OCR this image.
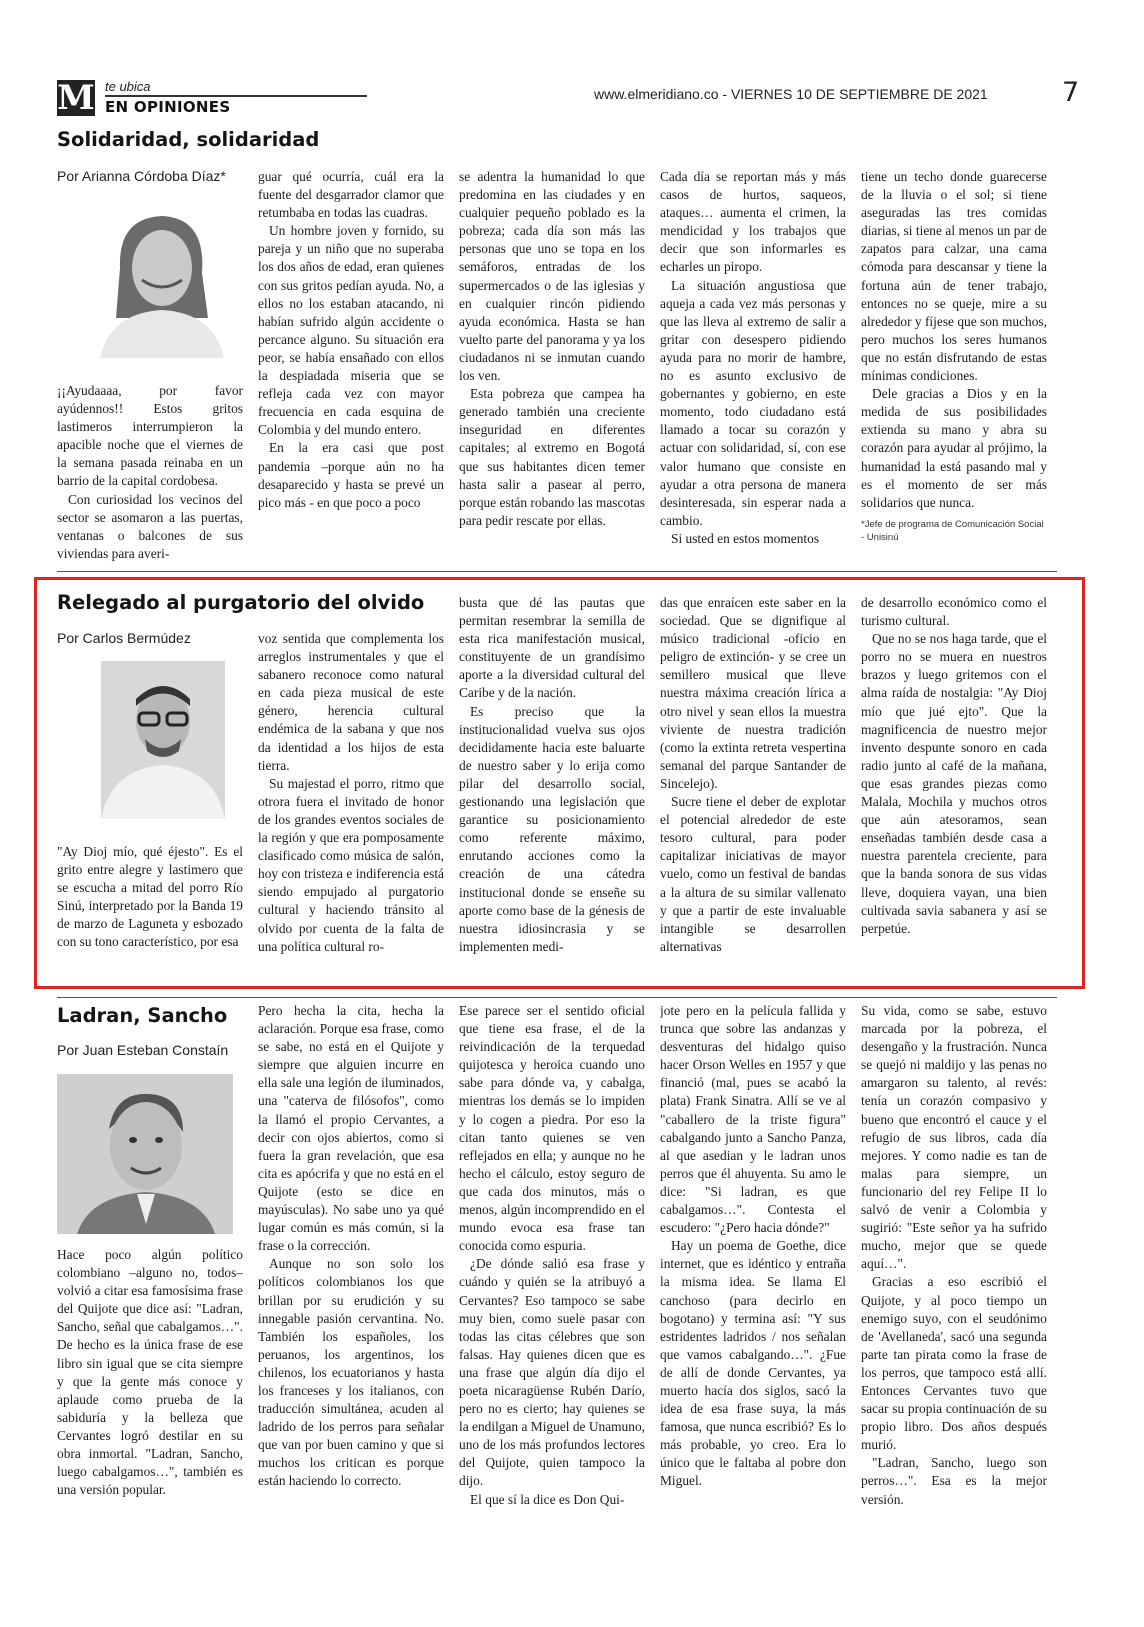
M te ubica
EN OPINIONES
www.elmeridiano.co - VIERNES 10 DE SEPTIEMBRE DE 2021	7
Solidaridad, solidaridad
Por Arianna Córdoba Díaz*

¡¡Ayudaaaa, por favor ayúdennos!! Estos gritos lastimeros interrumpieron la apacible noche que el viernes de la semana pasada reinaba en un barrio de la capital cordobesa.

Con curiosidad los vecinos del sector se asomaron a las puertas, ventanas o balcones de sus viviendas para averi-

guar qué ocurría, cuál era la fuente del desgarrador clamor que retumbaba en todas las cuadras.

Un hombre joven y fornido, su pareja y un niño que no superaba los dos años de edad, eran quienes con sus gritos pedían ayuda. No, a ellos no los estaban atacando, ni habían sufrido algún accidente o percance alguno. Su situación era peor, se había ensañado con ellos la despiadada miseria que se refleja cada vez con mayor frecuencia en cada esquina de Colombia y del mundo entero.

En la era casi que post pandemia –porque aún no ha desaparecido y hasta se prevé un pico más - en que poco a poco

se adentra la humanidad lo que predomina en las ciudades y en cualquier pequeño poblado es la pobreza; cada día son más las personas que uno se topa en los semáforos, entradas de los supermercados o de las iglesias y en cualquier rincón pidiendo ayuda económica. Hasta se han vuelto parte del panorama y ya los ciudadanos ni se inmutan cuando los ven.

Esta pobreza que campea ha generado también una creciente inseguridad en diferentes capitales; al extremo en Bogotá que sus habitantes dicen temer hasta salir a pasear al perro, porque están robando las mascotas para pedir rescate por ellas.

Cada día se reportan más y más casos de hurtos, saqueos, ataques… aumenta el crimen, la mendicidad y los trabajos que decir que son informarles es echarles un piropo.

La situación angustiosa que aqueja a cada vez más personas y que las lleva al extremo de salir a gritar con desespero pidiendo ayuda para no morir de hambre, no es asunto exclusivo de gobernantes y gobierno, en este momento, todo ciudadano está llamado a tocar su corazón y actuar con solidaridad, sí, con ese valor humano que consiste en ayudar a otra persona de manera desinteresada, sin esperar nada a cambio.

Si usted en estos momentos

tiene un techo donde guarecerse de la lluvia o el sol; si tiene aseguradas las tres comidas diarias, si tiene al menos un par de zapatos para calzar, una cama cómoda para descansar y tiene la fortuna aún de tener trabajo, entonces no se queje, mire a su alrededor y fíjese que son muchos, pero muchos los seres humanos que no están disfrutando de estas mínimas condiciones.

Dele gracias a Dios y en la medida de sus posibilidades extienda su mano y abra su corazón para ayudar al prójimo, la humanidad la está pasando mal y es el momento de ser más solidarios que nunca.

*Jefe de programa de Comunicación Social - Unisinú
Relegado al purgatorio del olvido
Por Carlos Bermúdez

"Ay Dioj mío, qué éjesto". Es el grito entre alegre y lastimero que se escucha a mitad del porro Río Sinú, interpretado por la Banda 19 de marzo de Laguneta y esbozado con su tono característico, por esa

voz sentida que complementa los arreglos instrumentales y que el sabanero reconoce como natural en cada pieza musical de este género, herencia cultural endémica de la sabana y que nos da identidad a los hijos de esta tierra.

Su majestad el porro, ritmo que otrora fuera el invitado de honor de los grandes eventos sociales de la región y que era pomposamente clasificado como música de salón, hoy con tristeza e indiferencia está siendo empujado al purgatorio cultural y haciendo tránsito al olvido por cuenta de la falta de una política cultural ro-

busta que dé las pautas que permitan resembrar la semilla de esta rica manifestación musical, constituyente de un grandísimo aporte a la diversidad cultural del Caribe y de la nación.

Es preciso que la institucionalidad vuelva sus ojos decididamente hacia este baluarte de nuestro saber y lo erija como pilar del desarrollo social, gestionando una legislación que garantice su posicionamiento como referente máximo, enrutando acciones como la creación de una cátedra institucional donde se enseñe su aporte como base de la génesis de nuestra idiosincrasia y se implementen medi-

das que enraícen este saber en la sociedad. Que se dignifique al músico tradicional -oficio en peligro de extinción- y se cree un semillero musical que lleve nuestra máxima creación lírica a otro nivel y sean ellos la muestra viviente de nuestra tradición (como la extinta retreta vespertina semanal del parque Santander de Sincelejo).

Sucre tiene el deber de explotar el potencial alrededor de este tesoro cultural, para poder capitalizar iniciativas de mayor vuelo, como un festival de bandas a la altura de su similar vallenato y que a partir de este invaluable intangible se desarrollen alternativas

de desarrollo económico como el turismo cultural.

Que no se nos haga tarde, que el porro no se muera en nuestros brazos y luego gritemos con el alma raída de nostalgia: "Ay Dioj mío que jué ejto". Que la magnificencia de nuestro mejor invento despunte sonoro en cada radio junto al café de la mañana, que esas grandes piezas como Malala, Mochila y muchos otros que aún atesoramos, sean enseñadas también desde casa a nuestra parentela creciente, para que la banda sonora de sus vidas lleve, doquiera vayan, una bien cultivada savia sabanera y así se perpetúe.

Ladran, Sancho
Por Juan Esteban Constaín

Hace poco algún político colombiano –alguno no, todos– volvió a citar esa famosísima frase del Quijote que dice así: "Ladran, Sancho, señal que cabalgamos…". De hecho es la única frase de ese libro sin igual que se cita siempre y que la gente más conoce y aplaude como prueba de la sabiduría y la belleza que Cervantes logró destilar en su obra inmortal. "Ladran, Sancho, luego cabalgamos…", también es una versión popular.

Pero hecha la cita, hecha la aclaración. Porque esa frase, como se sabe, no está en el Quijote y siempre que alguien incurre en ella sale una legión de iluminados, una "caterva de filósofos", como la llamó el propio Cervantes, a decir con ojos abiertos, como si fuera la gran revelación, que esa cita es apócrifa y que no está en el Quijote (esto se dice en mayúsculas). No sabe uno ya qué lugar común es más común, si la frase o la corrección.

Aunque no son solo los políticos colombianos los que brillan por su erudición y su innegable pasión cervantina. No. También los españoles, los peruanos, los argentinos, los chilenos, los ecuatorianos y hasta los franceses y los italianos, con traducción simultánea, acuden al ladrido de los perros para señalar que van por buen camino y que si muchos los critican es porque están haciendo lo correcto.

Ese parece ser el sentido oficial que tiene esa frase, el de la reivindicación de la terquedad quijotesca y heroica cuando uno sabe para dónde va, y cabalga, mientras los demás se lo impiden y lo cogen a piedra. Por eso la citan tanto quienes se ven reflejados en ella; y aunque no he hecho el cálculo, estoy seguro de que cada dos minutos, más o menos, algún incomprendido en el mundo evoca esa frase tan conocida como espuria.

¿De dónde salió esa frase y cuándo y quién se la atribuyó a Cervantes? Eso tampoco se sabe muy bien, como suele pasar con todas las citas célebres que son falsas. Hay quienes dicen que es una frase que algún día dijo el poeta nicaragüense Rubén Darío, pero no es cierto; hay quienes se la endilgan a Miguel de Unamuno, uno de los más profundos lectores del Quijote, quien tampoco la dijo.

El que sí la dice es Don Qui-

jote pero en la película fallida y trunca que sobre las andanzas y desventuras del hidalgo quiso hacer Orson Welles en 1957 y que financió (mal, pues se acabó la plata) Frank Sinatra. Allí se ve al "caballero de la triste figura" cabalgando junto a Sancho Panza, al que asedian y le ladran unos perros que él ahuyenta. Su amo le dice: "Si ladran, es que cabalgamos…". Contesta el escudero: "¿Pero hacia dónde?"

Hay un poema de Goethe, dice internet, que es idéntico y entraña la misma idea. Se llama El canchoso (para decirlo en bogotano) y termina así: "Y sus estridentes ladridos / nos señalan que vamos cabalgando…". ¿Fue de allí de donde Cervantes, ya muerto hacía dos siglos, sacó la idea de esa frase suya, la más famosa, que nunca escribió? Es lo más probable, yo creo. Era lo único que le faltaba al pobre don Miguel.

Su vida, como se sabe, estuvo marcada por la pobreza, el desengaño y la frustración. Nunca se quejó ni maldijo y las penas no amargaron su talento, al revés: tenía un corazón compasivo y bueno que encontró el cauce y el refugio de sus libros, cada día mejores. Y como nadie es tan de malas para siempre, un funcionario del rey Felipe II lo salvó de venir a Colombia y sugirió: "Este señor ya ha sufrido mucho, mejor que se quede aquí…".

Gracias a eso escribió el Quijote, y al poco tiempo un enemigo suyo, con el seudónimo de 'Avellaneda', sacó una segunda parte tan pirata como la frase de los perros, que tampoco está allí. Entonces Cervantes tuvo que sacar su propia continuación de su propio libro. Dos años después murió.

"Ladran, Sancho, luego son perros…". Esa es la mejor versión.
